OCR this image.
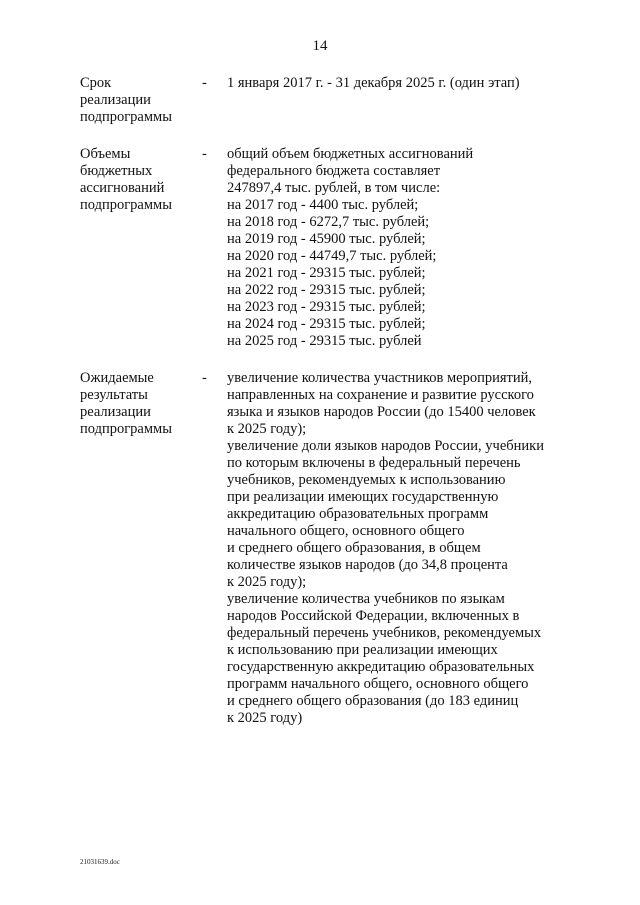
14
Срок
реализации
подпрограммы
- 1 января 2017 г. - 31 декабря 2025 г. (один этап)
Объемы
бюджетных
ассигнований
подпрограммы
- общий объем бюджетных ассигнований
федерального бюджета составляет
247897,4 тыс. рублей, в том числе:
на 2017 год - 4400 тыс. рублей;
на 2018 год - 6272,7 тыс. рублей;
на 2019 год - 45900 тыс. рублей;
на 2020 год - 44749,7 тыс. рублей;
на 2021 год - 29315 тыс. рублей;
на 2022 год - 29315 тыс. рублей;
на 2023 год - 29315 тыс. рублей;
на 2024 год - 29315 тыс. рублей;
на 2025 год - 29315 тыс. рублей
Ожидаемые
результаты
реализации
подпрограммы
- увеличение количества участников мероприятий,
направленных на сохранение и развитие русского
языка и языков народов России (до 15400 человек
к 2025 году);
увеличение доли языков народов России, учебники
по которым включены в федеральный перечень
учебников, рекомендуемых к использованию
при реализации имеющих государственную
аккредитацию образовательных программ
начального общего, основного общего
и среднего общего образования, в общем
количестве языков народов (до 34,8 процента
к 2025 году);
увеличение количества учебников по языкам
народов Российской Федерации, включенных в
федеральный перечень учебников, рекомендуемых
к использованию при реализации имеющих
государственную аккредитацию образовательных
программ начального общего, основного общего
и среднего общего образования (до 183 единиц
к 2025 году)
21031639.doc
